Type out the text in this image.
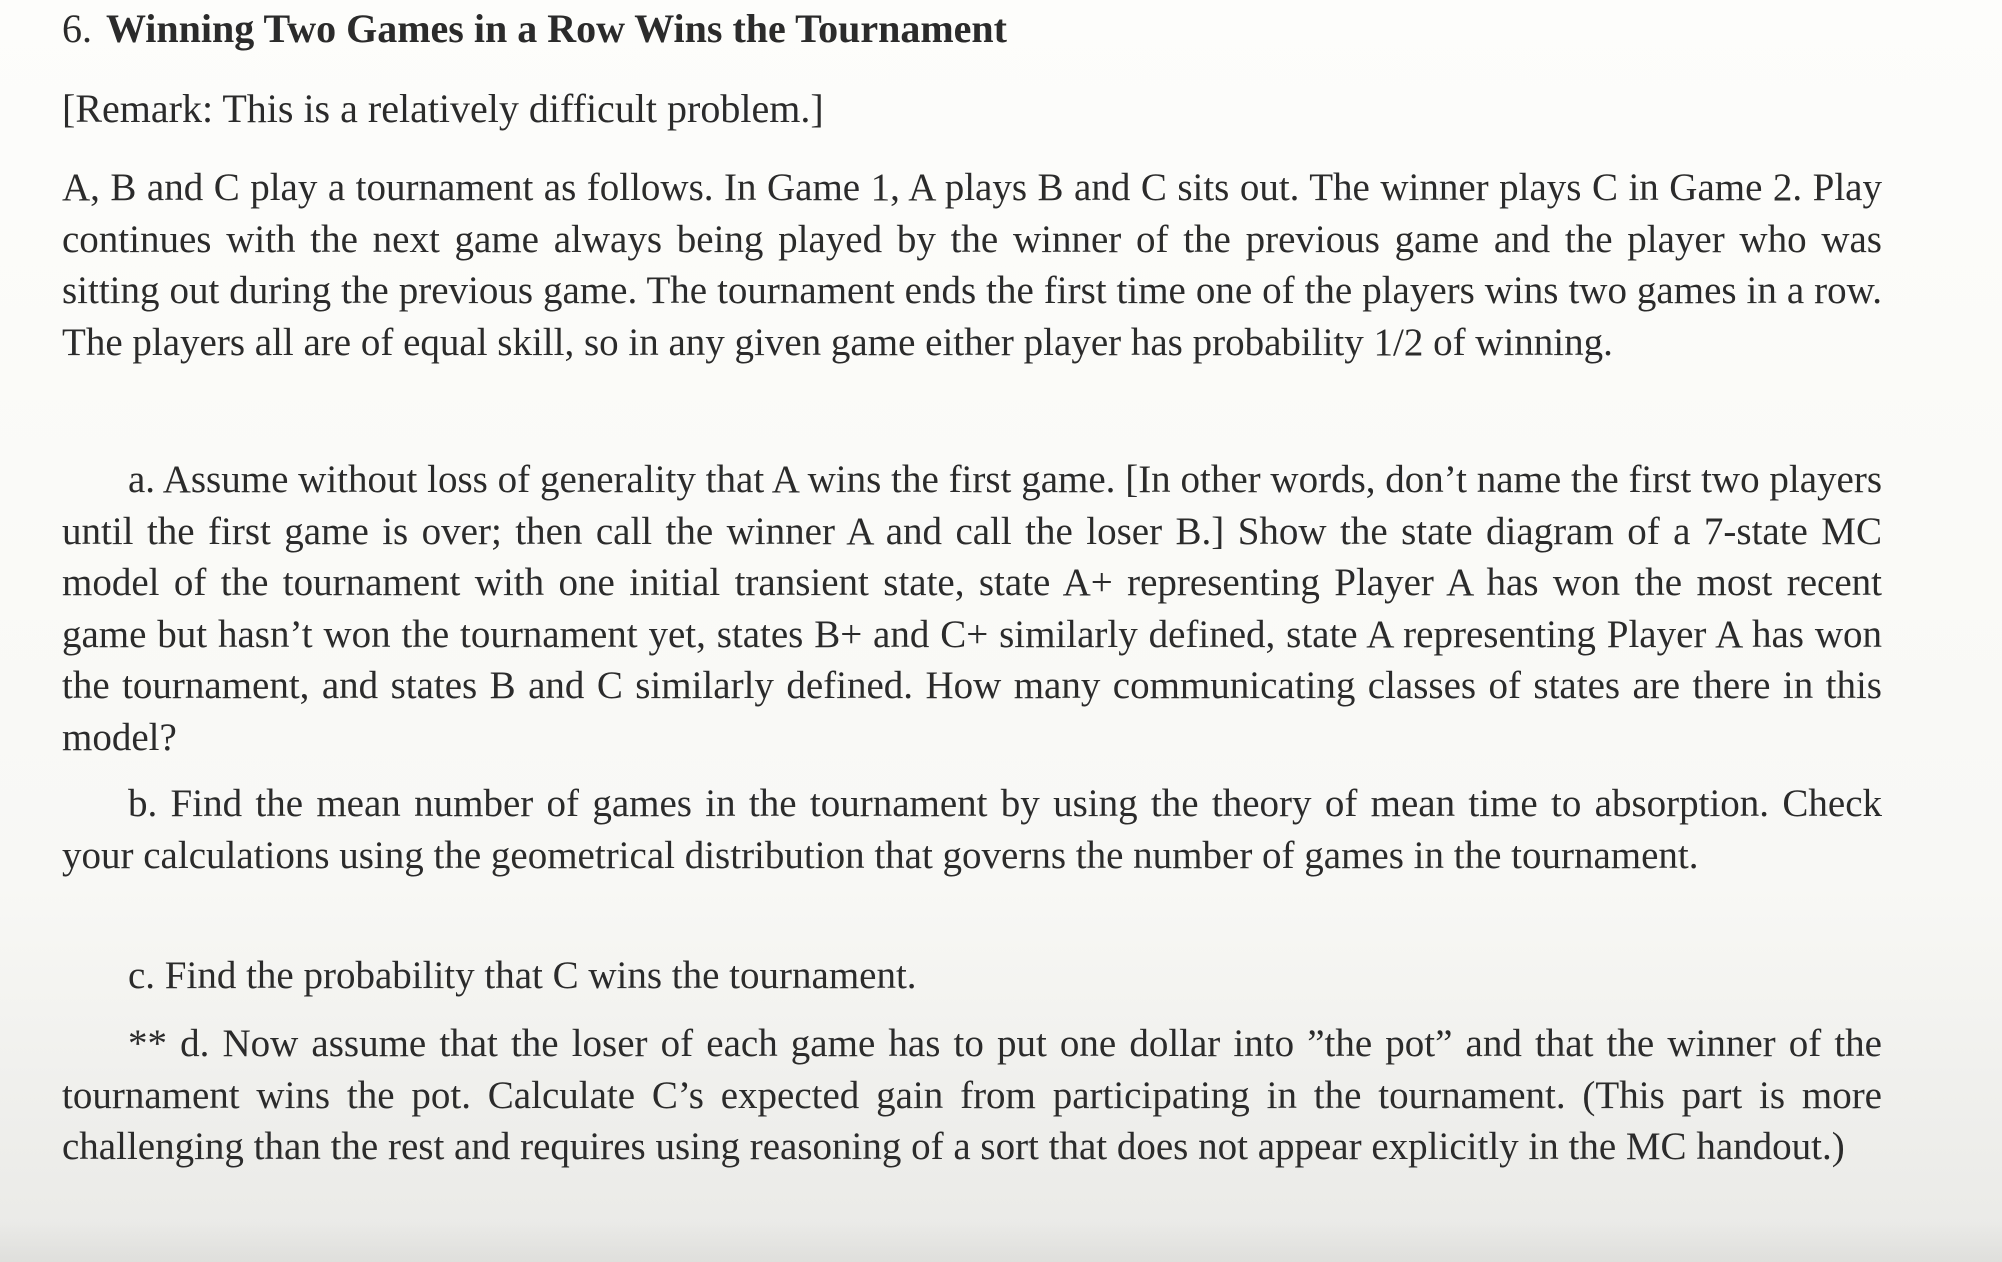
6. Winning Two Games in a Row Wins the Tournament
[Remark: This is a relatively difficult problem.]

A, B and C play a tournament as follows. In Game 1, A plays B and C sits out. The winner plays C in Game 2. Play continues with the next game always being played by the winner of the previous game and the player who was sitting out during the previous game. The tournament ends the first time one of the players wins two games in a row. The players all are of equal skill, so in any given game either player has probability 1/2 of winning.

a. Assume without loss of generality that A wins the first game. [In other words, don’t name the first two players until the first game is over; then call the winner A and call the loser B.] Show the state diagram of a 7-state MC model of the tournament with one initial transient state, state A+ representing Player A has won the most recent game but hasn’t won the tournament yet, states B+ and C+ similarly defined, state A representing Player A has won the tournament, and states B and C similarly defined. How many communicating classes of states are there in this model?

b. Find the mean number of games in the tournament by using the theory of mean time to absorption. Check your calculations using the geometrical distribution that governs the number of games in the tournament.

c. Find the probability that C wins the tournament.

** d. Now assume that the loser of each game has to put one dollar into ”the pot” and that the winner of the tournament wins the pot. Calculate C’s expected gain from participating in the tournament. (This part is more challenging than the rest and requires using reasoning of a sort that does not appear explicitly in the MC handout.)
